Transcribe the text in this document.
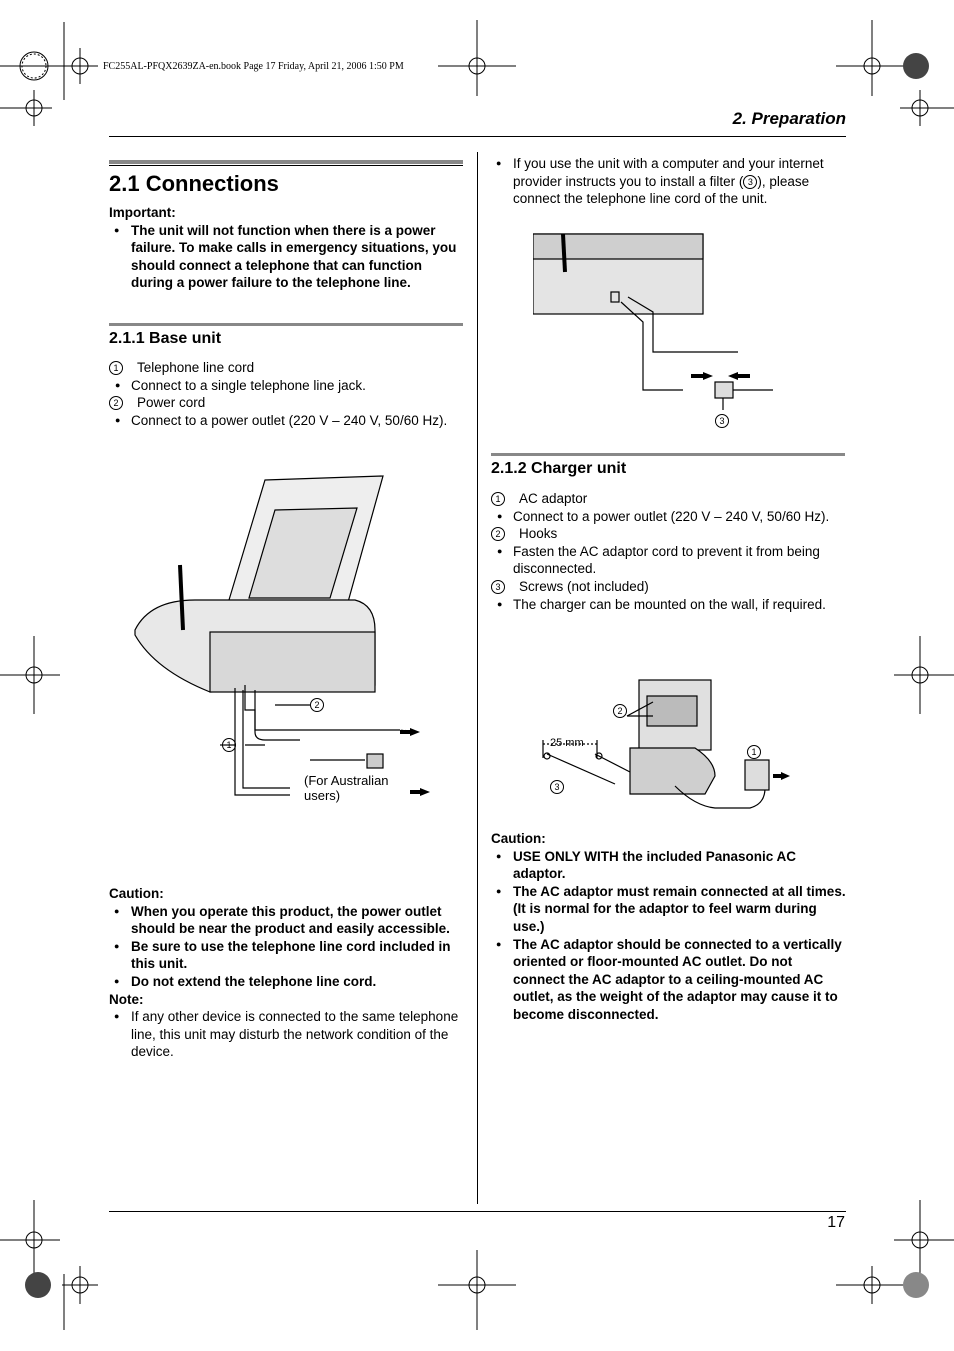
FC255AL-PFQX2639ZA-en.book Page 17 Friday, April 21, 2006 1:50 PM
2. Preparation
2.1 Connections
Important:
● The unit will not function when there is a power failure. To make calls in emergency situations, you should connect a telephone that can function during a power failure to the telephone line.
2.1.1 Base unit
1	Telephone line cord
● Connect to a single telephone line jack.
2	Power cord
● Connect to a power outlet (220 V – 240 V, 50/60 Hz).
≈
2
1
(For Australian users)
Caution:
● When you operate this product, the power outlet should be near the product and easily accessible.
● Be sure to use the telephone line cord included in this unit.
● Do not extend the telephone line cord.
Note:
● If any other device is connected to the same telephone line, this unit may disturb the network condition of the device.
● If you use the unit with a computer and your internet provider instructs you to install a filter ( 3 ), please connect the telephone line cord of the unit.
3
2.1.2 Charger unit
1	AC adaptor
● Connect to a power outlet (220 V – 240 V, 50/60 Hz).
2	Hooks
● Fasten the AC adaptor cord to prevent it from being disconnected.
3	Screws (not included)
● The charger can be mounted on the wall, if required.
2
25 mm
1
3
Caution:
● USE ONLY WITH the included Panasonic AC adaptor.
● The AC adaptor must remain connected at all times. (It is normal for the adaptor to feel warm during use.)
● The AC adaptor should be connected to a vertically oriented or floor-mounted AC outlet. Do not connect the AC adaptor to a ceiling-mounted AC outlet, as the weight of the adaptor may cause it to become disconnected.
17
